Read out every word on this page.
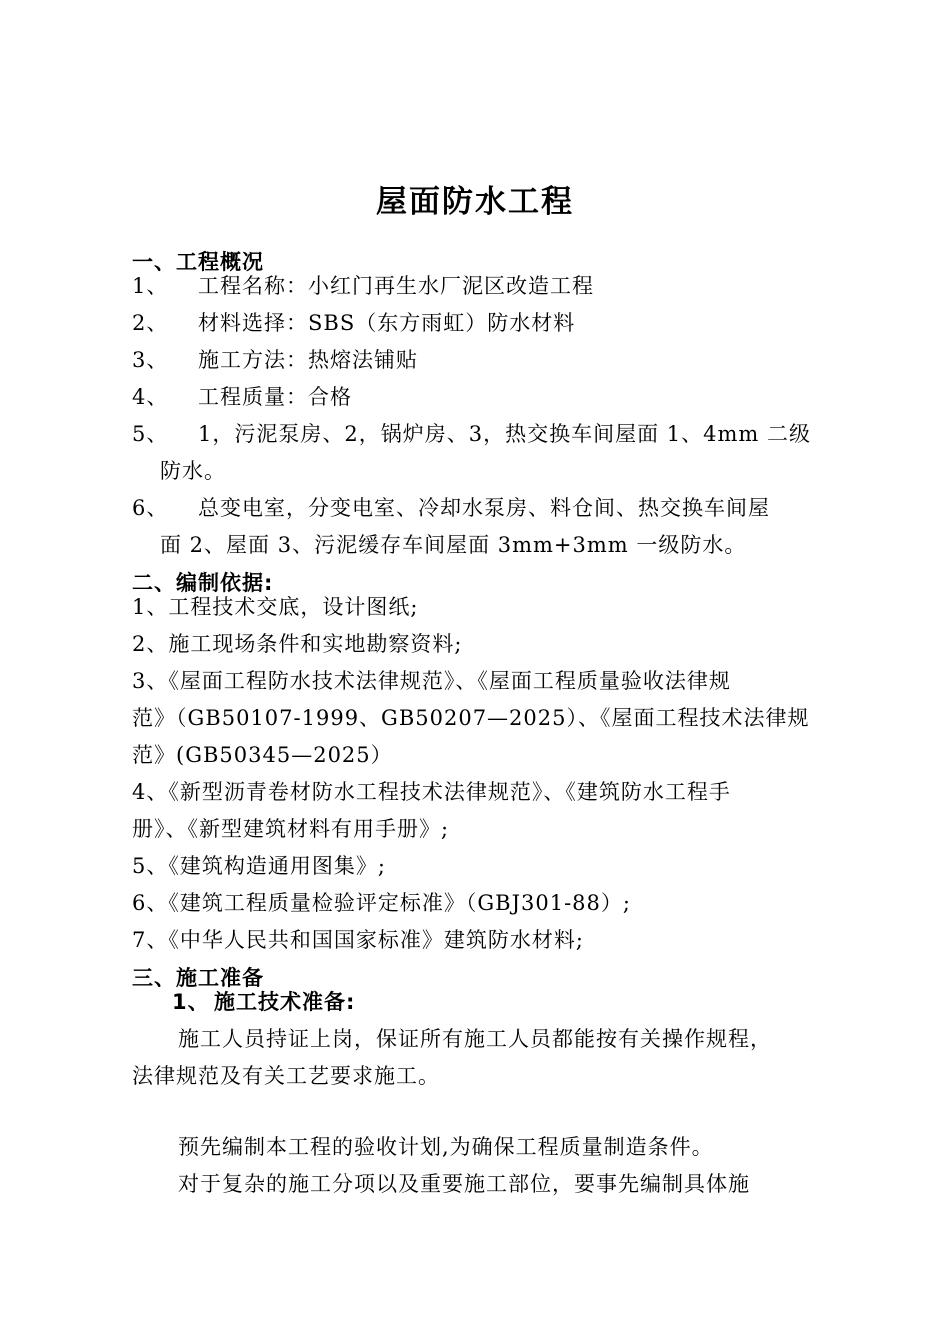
屋面防水工程
一、工程概况
1、 工程名称：小红门再生水厂泥区改造工程
2、 材料选择：SBS（东方雨虹）防水材料
3、 施工方法：热熔法铺贴
4、 工程质量：合格
5、 1，污泥泵房、2，锅炉房、3，热交换车间屋面 1、4mm 二级
防水。
6、 总变电室，分变电室、冷却水泵房、料仓间、热交换车间屋
面 2、屋面 3、污泥缓存车间屋面 3mm+3mm 一级防水。
二、编制依据:
1、工程技术交底，设计图纸;
2、施工现场条件和实地勘察资料;
3、《屋面工程防水技术法律规范》、《屋面工程质量验收法律规
范》（GB50107-1999、GB50207—2025）、《屋面工程技术法律规
范》(GB50345—2025）
4、《新型沥青卷材防水工程技术法律规范》、《建筑防水工程手
册》、《新型建筑材料有用手册》;
5、《建筑构造通用图集》;
6、《建筑工程质量检验评定标准》（GBJ301-88）;
7、《中华人民共和国国家标准》建筑防水材料;
三、施工准备
1、 施工技术准备:
施工人员持证上岗，保证所有施工人员都能按有关操作规程，
法律规范及有关工艺要求施工。
预先编制本工程的验收计划,为确保工程质量制造条件。
对于复杂的施工分项以及重要施工部位，要事先编制具体施
